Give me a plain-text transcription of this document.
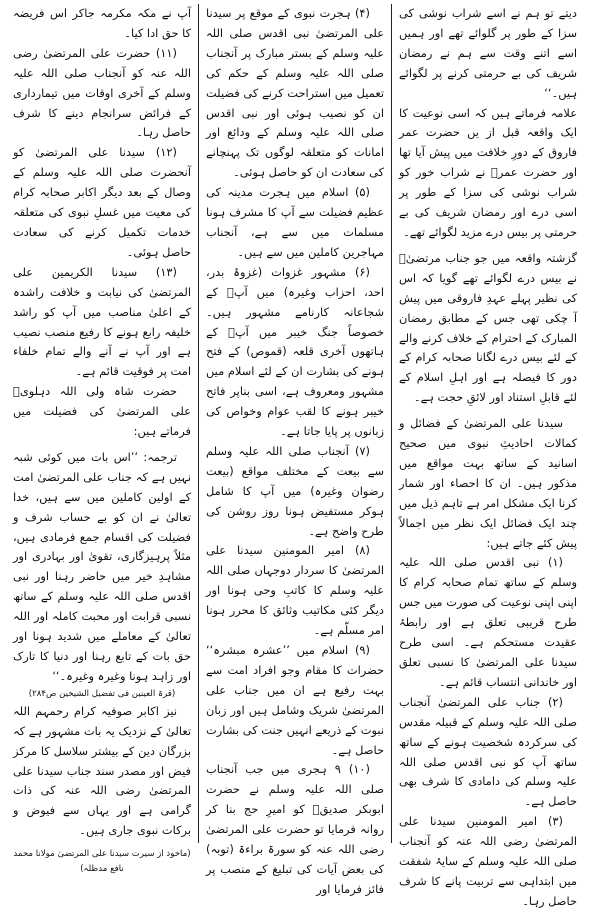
دیتے تو ہم نے اسے شراب نوشی کی سزا کے طور پر گلوائے تھے اور ہمیں اسے اتنے وقت سے ہم نے رمضان شریف کی بے حرمتی کرنے پر لگوائے ہیں۔‘‘

علامہ فرماتے ہیں کہ اسی نوعیت کا ایک واقعہ قبل از یں حضرت عمر فاروق کے دورِ خلافت میں پیش آیا تھا اور حضرت عمرؓ نے شراب خور کو شراب نوشی کی سزا کے طور پر اسی درے اور رمضان شریف کی بے حرمتی پر بیس درے مزید لگوائے تھے۔

گزشتہ واقعہ میں جو جناب مرتضیٰؓ نے بیس درے لگوائے تھے گویا کہ اس کی نظیر پہلے عہدِ فاروقی میں پیش آ چکی تھی جس کے مطابق رمضان المبارک کے احترام کے خلاف کرنے والے کے لئے بیس درے لگانا صحابہ کرام کے دور کا فیصلہ ہے اور اہلِ اسلام کے لئے قابلِ استناد اور لائقِ حجت ہے۔

سیدنا علی المرتضیٰ کے فضائل و کمالات احادیثِ نبوی میں صحیح اسانید کے ساتھ بہت مواقع میں مذکور ہیں۔ ان کا احصاء اور شمار کرنا ایک مشکل امر ہے تاہم ذیل میں چند ایک فضائل ایک نظر میں اجمالاً پیش کئے جاتے ہیں:

(۱) نبی اقدس صلی اللہ علیہ وسلم کے ساتھ تمام صحابہ کرام کا اپنی اپنی نوعیت کی صورت میں جس طرح قریبی تعلق ہے اور رابطۂ عقیدت مستحکم ہے۔ اسی طرح سیدنا علی المرتضیٰ کا نسبی تعلق اور خاندانی انتساب قائم ہے۔

(۲) جناب علی المرتضیٰ آنجناب صلی اللہ علیہ وسلم کے قبیلہ مقدس کی سرکردہ شخصیت ہونے کے ساتھ ساتھ آپ کو نبی اقدس صلی اللہ علیہ وسلم کی دامادی کا شرف بھی حاصل ہے۔

(۳) امیر المومنین سیدنا علی المرتضیٰ رضی اللہ عنہ کو آنجناب صلی اللہ علیہ وسلم کے سایۂ شفقت میں ابتداہی سے تربیت پانے کا شرف حاصل رہا۔

(۴) ہجرت نبوی کے موقع پر سیدنا علی المرتضیٰ نبی اقدس صلی اللہ علیہ وسلم کے بستر مبارک پر آنجناب صلی اللہ علیہ وسلم کے حکم کی تعمیل میں استراحت کرنے کی فضیلت ان کو نصیب ہوئی اور نبی اقدس صلی اللہ علیہ وسلم کے ودائع اور امانات کو متعلقہ لوگوں تک پہنچانے کی سعادت ان کو حاصل ہوئی۔

(۵) اسلام میں ہجرت مدینہ کی عظیم فضیلت سے آپ کا مشرف ہونا مسلمات میں سے ہے، آنجناب مہاجرین کاملین میں سے ہیں۔

(۶) مشہور غزوات (غزوۂ بدر، احد، احزاب وغیرہ) میں آپؓ کے شجاعانہ کارنامے مشہور ہیں۔ خصوصاً جنگ خیبر میں آپؓ کے ہاتھوں آخری قلعہ (قموص) کے فتح ہونے کی بشارت ان کے لئے اسلام میں مشہور ومعروف ہے، اسی بناپر فاتح خیبر ہونے کا لقب عوام وخواص کی زبانوں پر پایا جاتا ہے۔

(۷) آنجناب صلی اللہ علیہ وسلم سے بیعت کے مختلف مواقع (بیعت رضوان وغیرہ) میں آپ کا شامل ہوکر مستفیض ہونا روز روشن کی طرح واضح ہے۔

(۸) امیر المومنین سیدنا علی المرتضیٰ کا سردار دوجہاں صلی اللہ علیہ وسلم کا کاتبِ وحی ہونا اور دیگر کئی مکاتیب وثائق کا محرر ہونا امر مسلّم ہے۔

(۹) اسلام میں ’’عشرہ مبشرہ‘‘ حضرات کا مقام وجو افراد امت سے بہت رفیع ہے ان میں جناب علی المرتضیٰ شریک وشامل ہیں اور زبان نبوت کے ذریعے انہیں جنت کی بشارت حاصل ہے۔

(۱۰) ۹ ہجری میں جب آنجناب صلی اللہ علیہ وسلم نے حضرت ابوبکر صدیقؓ کو امیرِ حج بنا کر روانہ فرمایا تو حضرت علی المرتضیٰ رضی اللہ عنہ کو سورۃ براءۃ (توبہ) کی بعض آیات کی تبلیغ کے منصب پر فائز فرمایا اور

آپ نے مکہ مکرمہ جاکر اس فریضہ کا حق ادا کیا۔

(۱۱) حضرت علی المرتضیٰ رضی اللہ عنہ کو آنجناب صلی اللہ علیہ وسلم کے آخری اوقات میں تیمارداری کے فرائض سرانجام دینے کا شرف حاصل رہا۔

(۱۲) سیدنا علی المرتضیٰ کو آنحضرت صلی اللہ علیہ وسلم کے وصال کے بعد دیگر اکابر صحابہ کرام کی معیت میں غسلِ نبوی کی متعلقہ خدمات تکمیل کرنے کی سعادت حاصل ہوئی۔

(۱۳) سیدنا الکریمین علی المرتضیٰ کی نیابت و خلافت راشدہ کے اعلیٰ مناصب میں آپ کو راشد خلیفہ رابع ہونے کا رفیع منصب نصیب ہے اور آپ نے آنے والے تمام خلفاء امت پر فوقیت قائم ہے۔

حضرت شاہ ولی اللہ دہلویؒ علی المرتضیٰ کی فضیلت میں فرماتے ہیں:

ترجمہ: ’’اس بات میں کوئی شبہ نہیں ہے کہ جناب علی المرتضیٰ امت کے اولین کاملین میں سے ہیں، خدا تعالیٰ نے ان کو بے حساب شرف و فضیلت کی اقسام جمع فرمادی ہیں، مثلاً پرہیزگاری، تقویٰ اور بہادری اور مشاہدِ خیر میں حاضر رہنا اور نبی اقدس صلی اللہ علیہ وسلم کے ساتھ نسبی قرابت اور محبت کاملہ اور اللہ تعالیٰ کے معاملے میں شدید ہونا اور حق بات کے تابع رہنا اور دنیا کا تارک اور زاہد ہونا وغیرہ وغیرہ۔‘‘

(قرۃ العینین فی تفضیل الشیخین ص۲۸۴)

نیز اکابر صوفیہ کرام رحمہم اللہ تعالیٰ کے نزدیک یہ بات مشہور ہے کہ بزرگان دین کے بیشتر سلاسل کا مرکز فیض اور مصدر سند جناب سیدنا علی المرتضیٰ رضی اللہ عنہ کی ذات گرامی ہے اور یہاں سے فیوض و برکات نبوی جاری ہیں۔

(ماخوذ از سیرت سیدنا علی المرتضیٰ مولانا محمد نافع مدظلہ)
